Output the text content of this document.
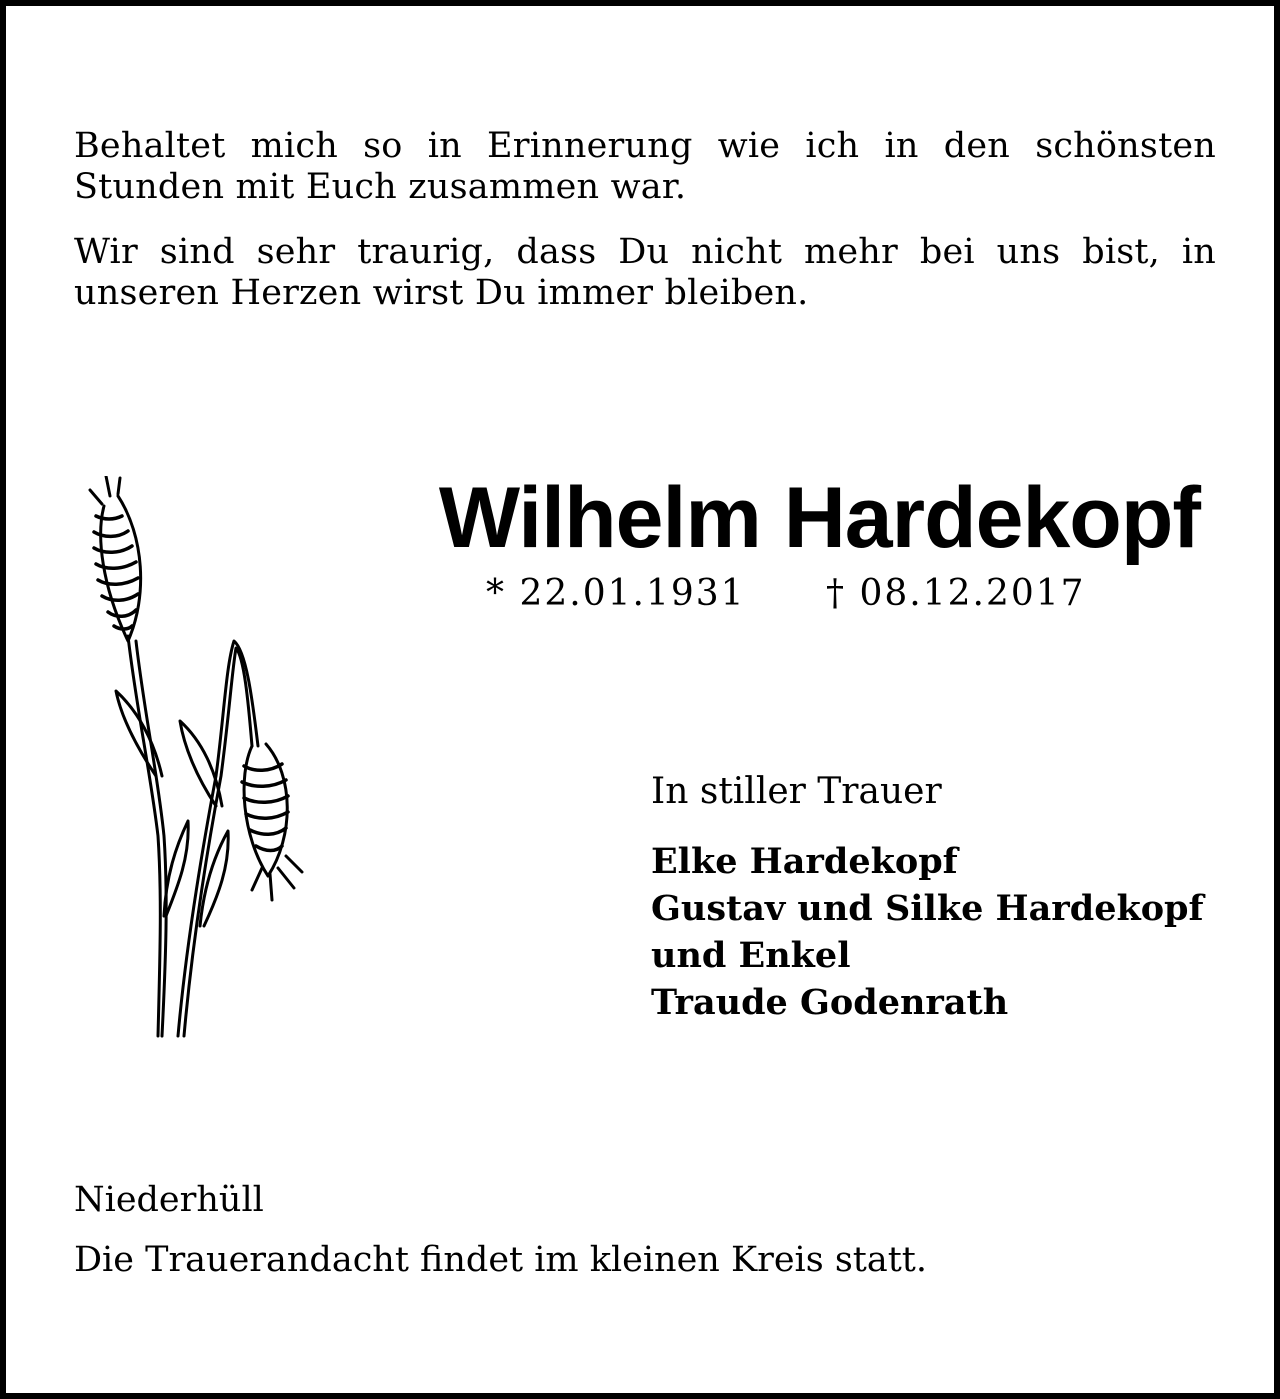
Behaltet mich so in Erinnerung wie ich in den schönsten Stunden mit Euch zusammen war.

Wir sind sehr traurig, dass Du nicht mehr bei uns bist, in unseren Herzen wirst Du immer bleiben.

Wilhelm Hardekopf
* 22.01.1931 † 08.12.2017
In stiller Trauer
Elke Hardekopf
Gustav und Silke Hardekopf
und Enkel
Traude Godenrath
Niederhüll
Die Trauerandacht findet im kleinen Kreis statt.
